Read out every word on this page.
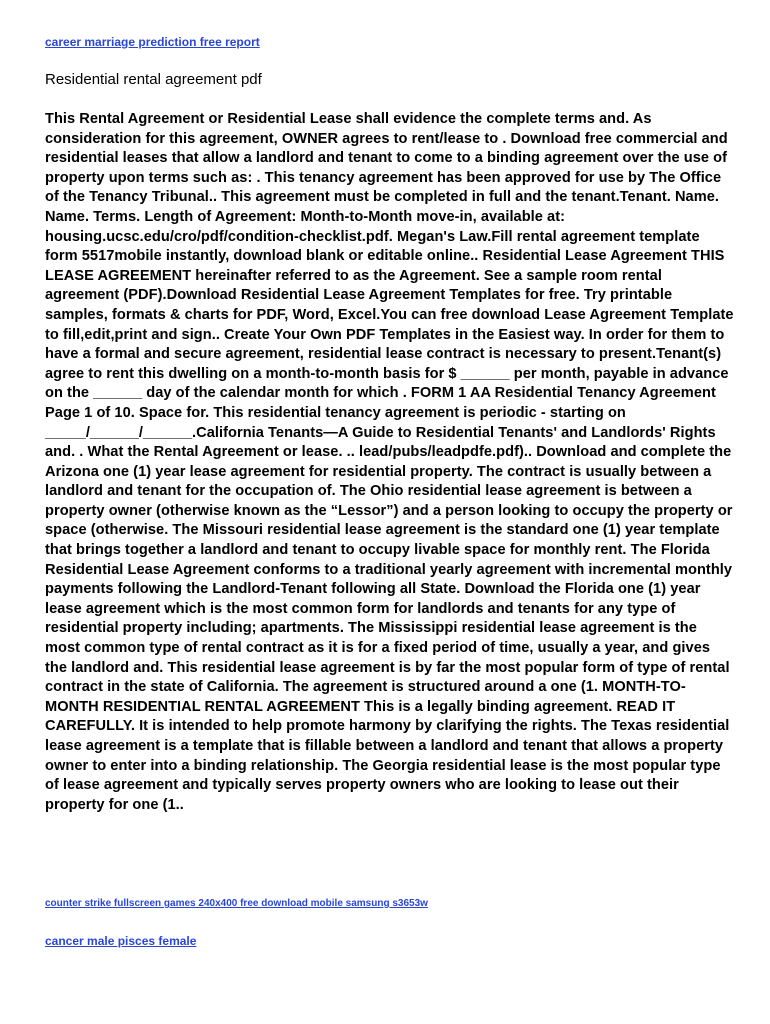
career marriage prediction free report
Residential rental agreement pdf

This Rental Agreement or Residential Lease shall evidence the complete terms and. As consideration for this agreement, OWNER agrees to rent/lease to . Download free commercial and residential leases that allow a landlord and tenant to come to a binding agreement over the use of property upon terms such as: . This tenancy agreement has been approved for use by The Office of the Tenancy Tribunal.. This agreement must be completed in full and the tenant.Tenant. Name. Name. Terms. Length of Agreement: Month-to-Month move-in, available at: housing.ucsc.edu/cro/pdf/condition-checklist.pdf. Megan's Law.Fill rental agreement template form 5517mobile instantly, download blank or editable online.. Residential Lease Agreement THIS LEASE AGREEMENT hereinafter referred to as the Agreement. See a sample room rental agreement (PDF).Download Residential Lease Agreement Templates for free. Try printable samples, formats & charts for PDF, Word, Excel.You can free download Lease Agreement Template to fill,edit,print and sign.. Create Your Own PDF Templates in the Easiest way. In order for them to have a formal and secure agreement, residential lease contract is necessary to present.Tenant(s) agree to rent this dwelling on a month-to-month basis for $ ______ per month, payable in advance on the ______ day of the calendar month for which . FORM 1 AA Residential Tenancy Agreement Page 1 of 10. Space for. This residential tenancy agreement is periodic - starting on _____/______/______.California Tenants—A Guide to Residential Tenants' and Landlords' Rights and. . What the Rental Agreement or lease. .. lead/pubs/leadpdfe.pdf).. Download and complete the Arizona one (1) year lease agreement for residential property. The contract is usually between a landlord and tenant for the occupation of. The Ohio residential lease agreement is between a property owner (otherwise known as the “Lessor”) and a person looking to occupy the property or space (otherwise. The Missouri residential lease agreement is the standard one (1) year template that brings together a landlord and tenant to occupy livable space for monthly rent. The Florida Residential Lease Agreement conforms to a traditional yearly agreement with incremental monthly payments following the Landlord-Tenant following all State. Download the Florida one (1) year lease agreement which is the most common form for landlords and tenants for any type of residential property including; apartments. The Mississippi residential lease agreement is the most common type of rental contract as it is for a fixed period of time, usually a year, and gives the landlord and. This residential lease agreement is by far the most popular form of type of rental contract in the state of California. The agreement is structured around a one (1. MONTH-TO-MONTH RESIDENTIAL RENTAL AGREEMENT This is a legally binding agreement. READ IT CAREFULLY. It is intended to help promote harmony by clarifying the rights. The Texas residential lease agreement is a template that is fillable between a landlord and tenant that allows a property owner to enter into a binding relationship. The Georgia residential lease is the most popular type of lease agreement and typically serves property owners who are looking to lease out their property for one (1..

counter strike fullscreen games 240x400 free download mobile samsung s3653w
cancer male pisces female
